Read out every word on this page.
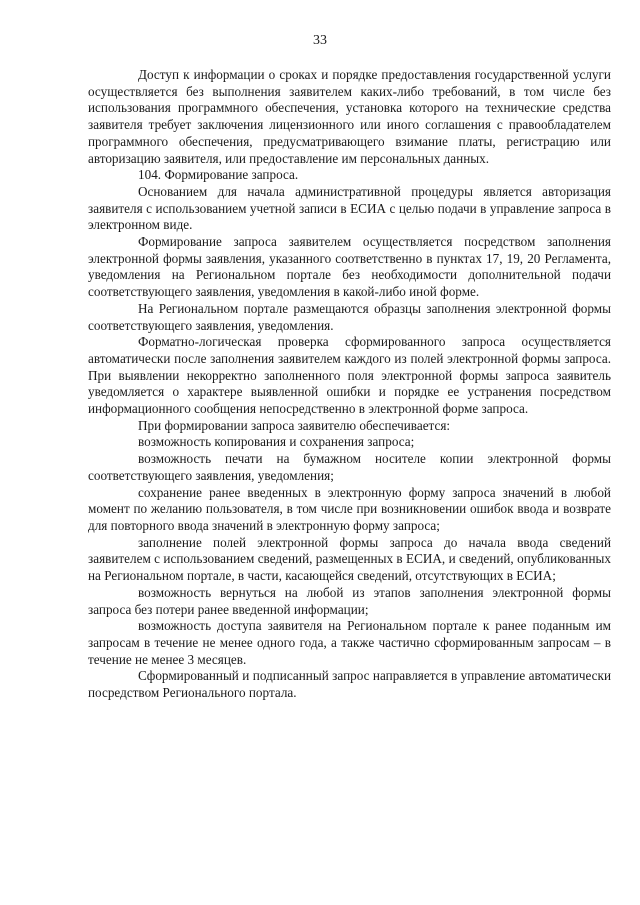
33

Доступ к информации о сроках и порядке предоставления государственной услуги осуществляется без выполнения заявителем каких-либо требований, в том числе без использования программного обеспечения, установка которого на технические средства заявителя требует заключения лицензионного или иного соглашения с правообладателем программного обеспечения, предусматривающего взимание платы, регистрацию или авторизацию заявителя, или предоставление им персональных данных.

104. Формирование запроса.

Основанием для начала административной процедуры является авторизация заявителя с использованием учетной записи в ЕСИА с целью подачи в управление запроса в электронном виде.

Формирование запроса заявителем осуществляется посредством заполнения электронной формы заявления, указанного соответственно в пунктах 17, 19, 20 Регламента, уведомления на Региональном портале без необходимости дополнительной подачи соответствующего заявления, уведомления в какой-либо иной форме.

На Региональном портале размещаются образцы заполнения электронной формы соответствующего заявления, уведомления.

Форматно-логическая проверка сформированного запроса осуществляется автоматически после заполнения заявителем каждого из полей электронной формы запроса. При выявлении некорректно заполненного поля электронной формы запроса заявитель уведомляется о характере выявленной ошибки и порядке ее устранения посредством информационного сообщения непосредственно в электронной форме запроса.

При формировании запроса заявителю обеспечивается:

возможность копирования и сохранения запроса;

возможность печати на бумажном носителе копии электронной формы соответствующего заявления, уведомления;

сохранение ранее введенных в электронную форму запроса значений в любой момент по желанию пользователя, в том числе при возникновении ошибок ввода и возврате для повторного ввода значений в электронную форму запроса;

заполнение полей электронной формы запроса до начала ввода сведений заявителем с использованием сведений, размещенных в ЕСИА, и сведений, опубликованных на Региональном портале, в части, касающейся сведений, отсутствующих в ЕСИА;

возможность вернуться на любой из этапов заполнения электронной формы запроса без потери ранее введенной информации;

возможность доступа заявителя на Региональном портале к ранее поданным им запросам в течение не менее одного года, а также частично сформированным запросам – в течение не менее 3 месяцев.

Сформированный и подписанный запрос направляется в управление автоматически посредством Регионального портала.
